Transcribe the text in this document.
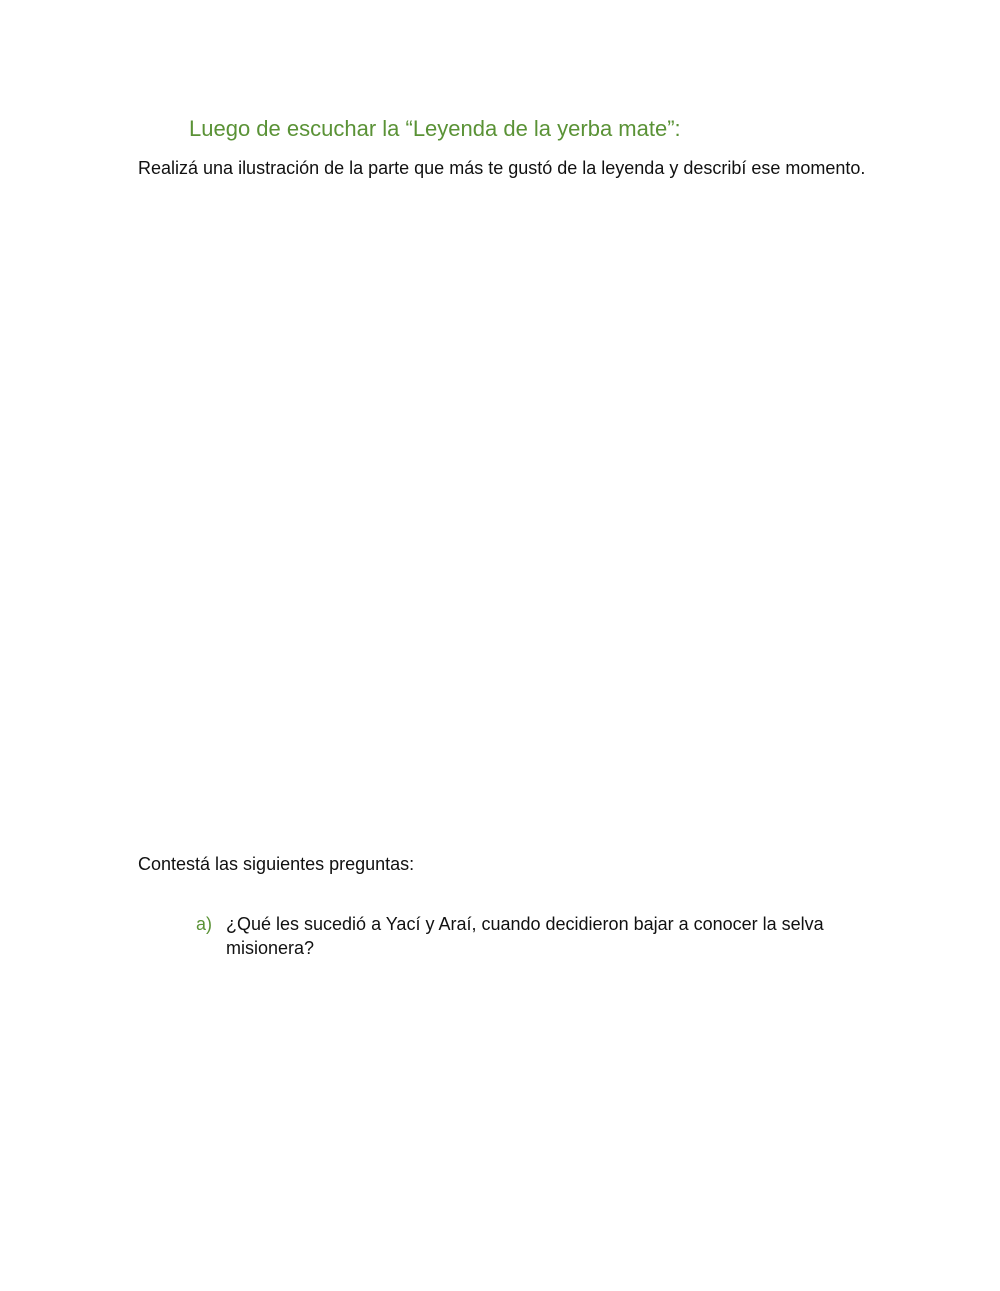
Luego de escuchar la “Leyenda de la yerba mate”:
Realizá una ilustración de la parte que más te gustó de la leyenda y describí ese momento.
Contestá las siguientes preguntas:
a) ¿Qué les sucedió a Yací y Araí, cuando decidieron bajar a conocer la selva misionera?
